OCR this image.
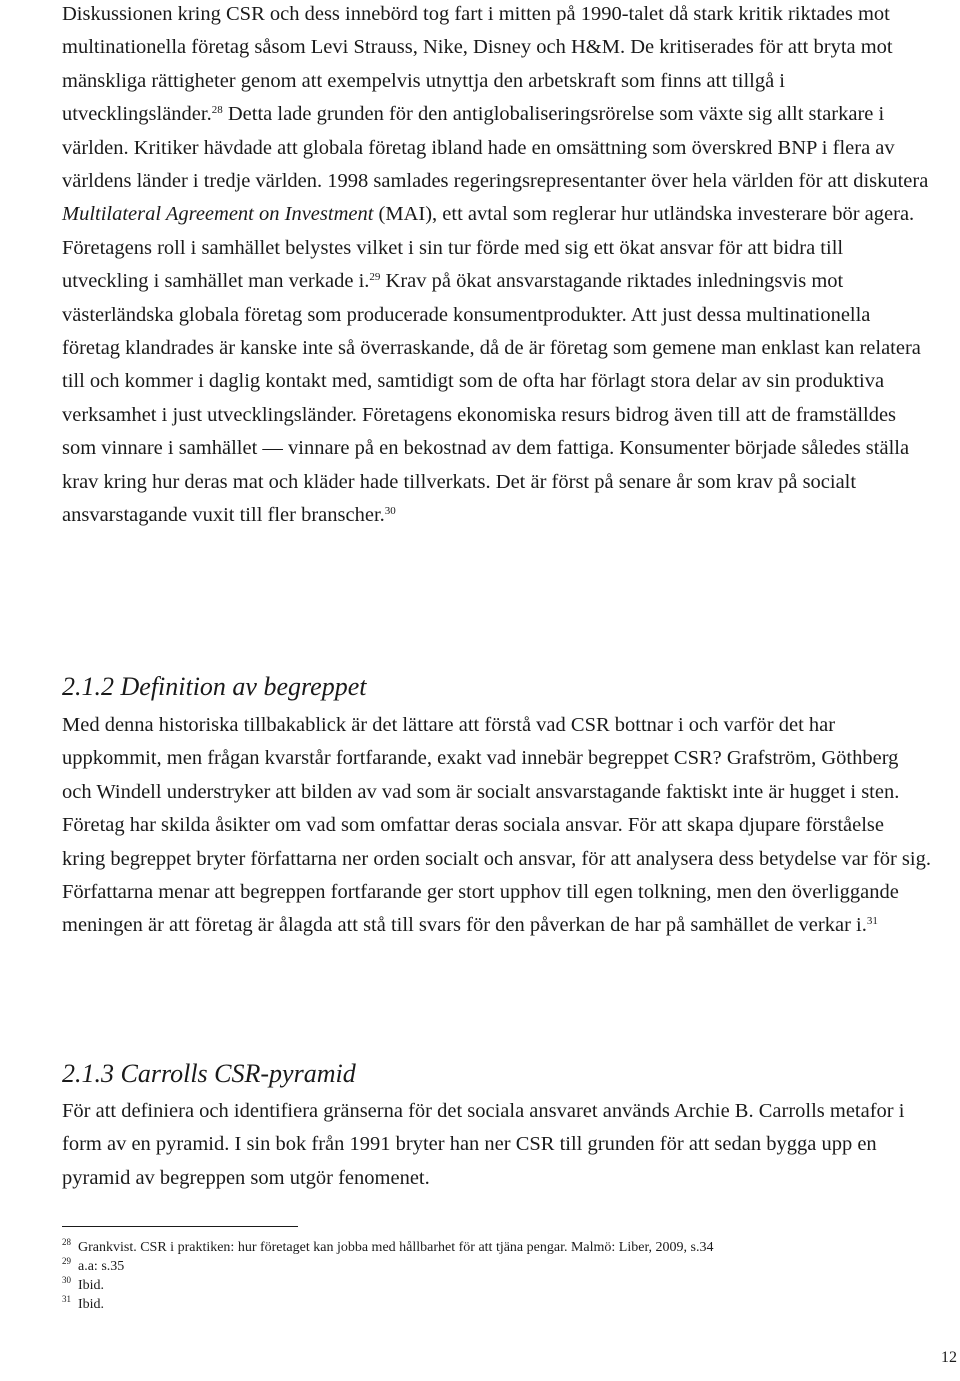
Diskussionen kring CSR och dess innebörd tog fart i mitten på 1990-talet då stark kritik riktades mot multinationella företag såsom Levi Strauss, Nike, Disney och H&M. De kritiserades för att bryta mot mänskliga rättigheter genom att exempelvis utnyttja den arbetskraft som finns att tillgå i utvecklingsländer.$^{28}$ Detta lade grunden för den antiglobaliseringsrörelse som växte sig allt starkare i världen. Kritiker hävdade att globala företag ibland hade en omsättning som överskred BNP i flera av världens länder i tredje världen. 1998 samlades regeringsrepresentanter över hela världen för att diskutera Multilateral Agreement on Investment (MAI), ett avtal som reglerar hur utländska investerare bör agera. Företagens roll i samhället belystes vilket i sin tur förde med sig ett ökat ansvar för att bidra till utveckling i samhället man verkade i.$^{29}$ Krav på ökat ansvarstagande riktades inledningsvis mot västerländska globala företag som producerade konsumentprodukter. Att just dessa multinationella företag klandrades är kanske inte så överraskande, då de är företag som gemene man enklast kan relatera till och kommer i daglig kontakt med, samtidigt som de ofta har förlagt stora delar av sin produktiva verksamhet i just utvecklingsländer. Företagens ekonomiska resurs bidrog även till att de framställdes som vinnare i samhället — vinnare på en bekostnad av dem fattiga. Konsumenter började således ställa krav kring hur deras mat och kläder hade tillverkats. Det är först på senare år som krav på socialt ansvarstagande vuxit till fler branscher.$^{30}$

2.1.2 Definition av begreppet

Med denna historiska tillbakablick är det lättare att förstå vad CSR bottnar i och varför det har uppkommit, men frågan kvarstår fortfarande, exakt vad innebär begreppet CSR? Grafström, Göthberg och Windell understryker att bilden av vad som är socialt ansvarstagande faktiskt inte är hugget i sten. Företag har skilda åsikter om vad som omfattar deras sociala ansvar. För att skapa djupare förståelse kring begreppet bryter författarna ner orden socialt och ansvar, för att analysera dess betydelse var för sig. Författarna menar att begreppen fortfarande ger stort upphov till egen tolkning, men den överliggande meningen är att företag är ålagda att stå till svars för den påverkan de har på samhället de verkar i.$^{31}$

2.1.3 Carrolls CSR-pyramid

För att definiera och identifiera gränserna för det sociala ansvaret används Archie B. Carrolls metafor i form av en pyramid. I sin bok från 1991 bryter han ner CSR till grunden för att sedan bygga upp en pyramid av begreppen som utgör fenomenet.

28 Grankvist. CSR i praktiken: hur företaget kan jobba med hållbarhet för att tjäna pengar. Malmö: Liber, 2009, s.34
29 a.a: s.35
30 Ibid.
31 Ibid.
12
